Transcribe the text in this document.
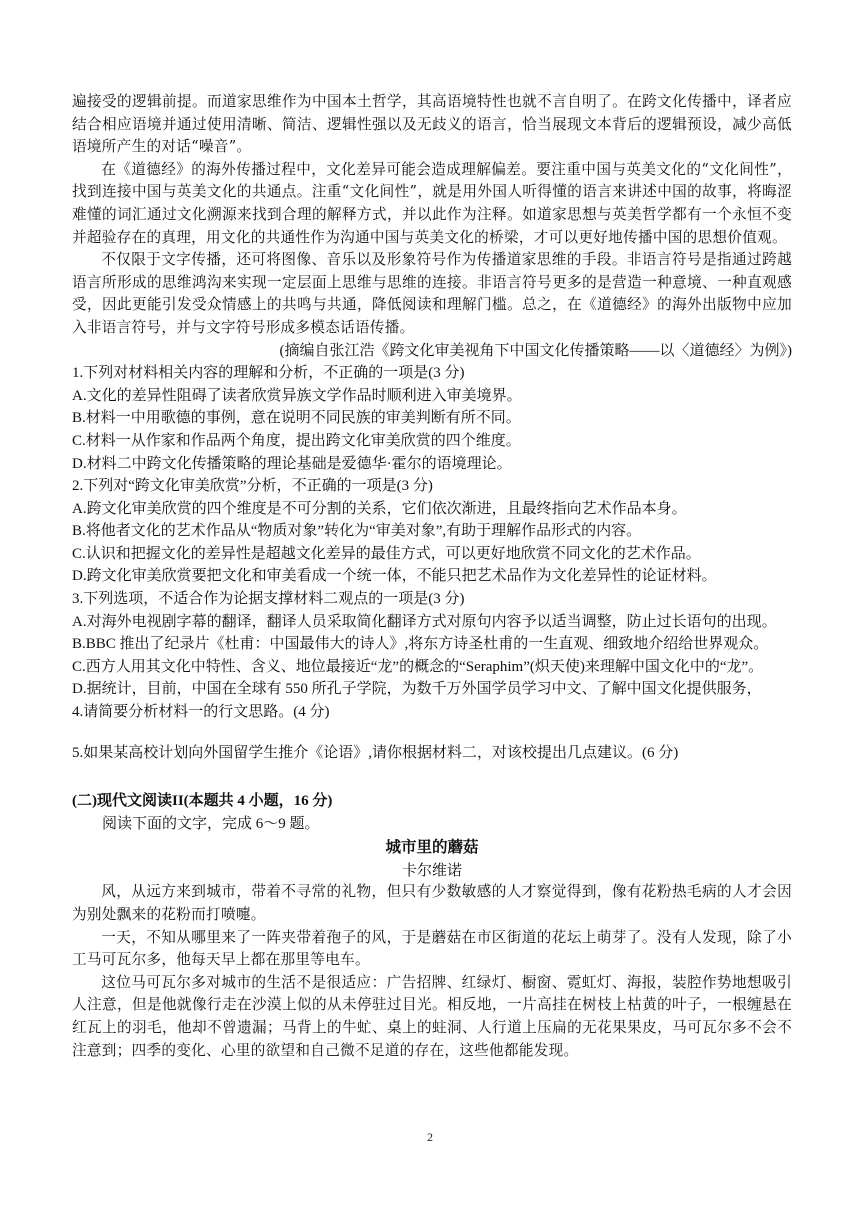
遍接受的逻辑前提。而道家思维作为中国本土哲学，其高语境特性也就不言自明了。在跨文化传播中，译者应结合相应语境并通过使用清晰、简洁、逻辑性强以及无歧义的语言，恰当展现文本背后的逻辑预设，减少高低语境所产生的对话“噪音”。

在《道德经》的海外传播过程中，文化差异可能会造成理解偏差。要注重中国与英美文化的“文化间性”，找到连接中国与英美文化的共通点。注重“文化间性”，就是用外国人听得懂的语言来讲述中国的故事，将晦涩难懂的词汇通过文化溯源来找到合理的解释方式，并以此作为注释。如道家思想与英美哲学都有一个永恒不变并超验存在的真理，用文化的共通性作为沟通中国与英美文化的桥梁，才可以更好地传播中国的思想价值观。

不仅限于文字传播，还可将图像、音乐以及形象符号作为传播道家思维的手段。非语言符号是指通过跨越语言所形成的思维鸿沟来实现一定层面上思维与思维的连接。非语言符号更多的是营造一种意境、一种直观感受，因此更能引发受众情感上的共鸣与共通，降低阅读和理解门槛。总之，在《道德经》的海外出版物中应加入非语言符号，并与文字符号形成多模态话语传播。

(摘编自张江浩《跨文化审美视角下中国文化传播策略——以〈道德经〉为例》)

1.下列对材料相关内容的理解和分析，不正确的一项是(3 分)

A.文化的差异性阻碍了读者欣赏异族文学作品时顺利进入审美境界。

B.材料一中用歌德的事例，意在说明不同民族的审美判断有所不同。

C.材料一从作家和作品两个角度，提出跨文化审美欣赏的四个维度。

D.材料二中跨文化传播策略的理论基础是爱德华·霍尔的语境理论。

2.下列对“跨文化审美欣赏”分析，不正确的一项是(3 分)

A.跨文化审美欣赏的四个维度是不可分割的关系，它们依次渐进，且最终指向艺术作品本身。

B.将他者文化的艺术作品从“物质对象”转化为“审美对象”,有助于理解作品形式的内容。

C.认识和把握文化的差异性是超越文化差异的最佳方式，可以更好地欣赏不同文化的艺术作品。

D.跨文化审美欣赏要把文化和审美看成一个统一体，不能只把艺术品作为文化差异性的论证材料。

3.下列选项，不适合作为论据支撑材料二观点的一项是(3 分)

A.对海外电视剧字幕的翻译，翻译人员采取简化翻译方式对原句内容予以适当调整，防止过长语句的出现。

B.BBC 推出了纪录片《杜甫：中国最伟大的诗人》,将东方诗圣杜甫的一生直观、细致地介绍给世界观众。

C.西方人用其文化中特性、含义、地位最接近“龙”的概念的“Seraphim”(炽天使)来理解中国文化中的“龙”。

D.据统计，目前，中国在全球有 550 所孔子学院，为数千万外国学员学习中文、了解中国文化提供服务，

4.请简要分析材料一的行文思路。(4 分)

5.如果某高校计划向外国留学生推介《论语》,请你根据材料二，对该校提出几点建议。(6 分)

(二)现代文阅读II(本题共 4 小题，16 分)

阅读下面的文字，完成 6～9 题。

城市里的蘑菇

卡尔维诺

风，从远方来到城市，带着不寻常的礼物，但只有少数敏感的人才察觉得到，像有花粉热毛病的人才会因为别处飘来的花粉而打喷嚏。

一天，不知从哪里来了一阵夹带着孢子的风，于是蘑菇在市区街道的花坛上萌芽了。没有人发现，除了小工马可瓦尔多，他每天早上都在那里等电车。

这位马可瓦尔多对城市的生活不是很适应：广告招牌、红绿灯、橱窗、霓虹灯、海报，装腔作势地想吸引人注意，但是他就像行走在沙漠上似的从未停驻过目光。相反地，一片高挂在树枝上枯黄的叶子，一根缠悬在红瓦上的羽毛，他却不曾遗漏；马背上的牛虻、桌上的蛀洞、人行道上压扁的无花果果皮，马可瓦尔多不会不注意到；四季的变化、心里的欲望和自己微不足道的存在，这些他都能发现。

2
